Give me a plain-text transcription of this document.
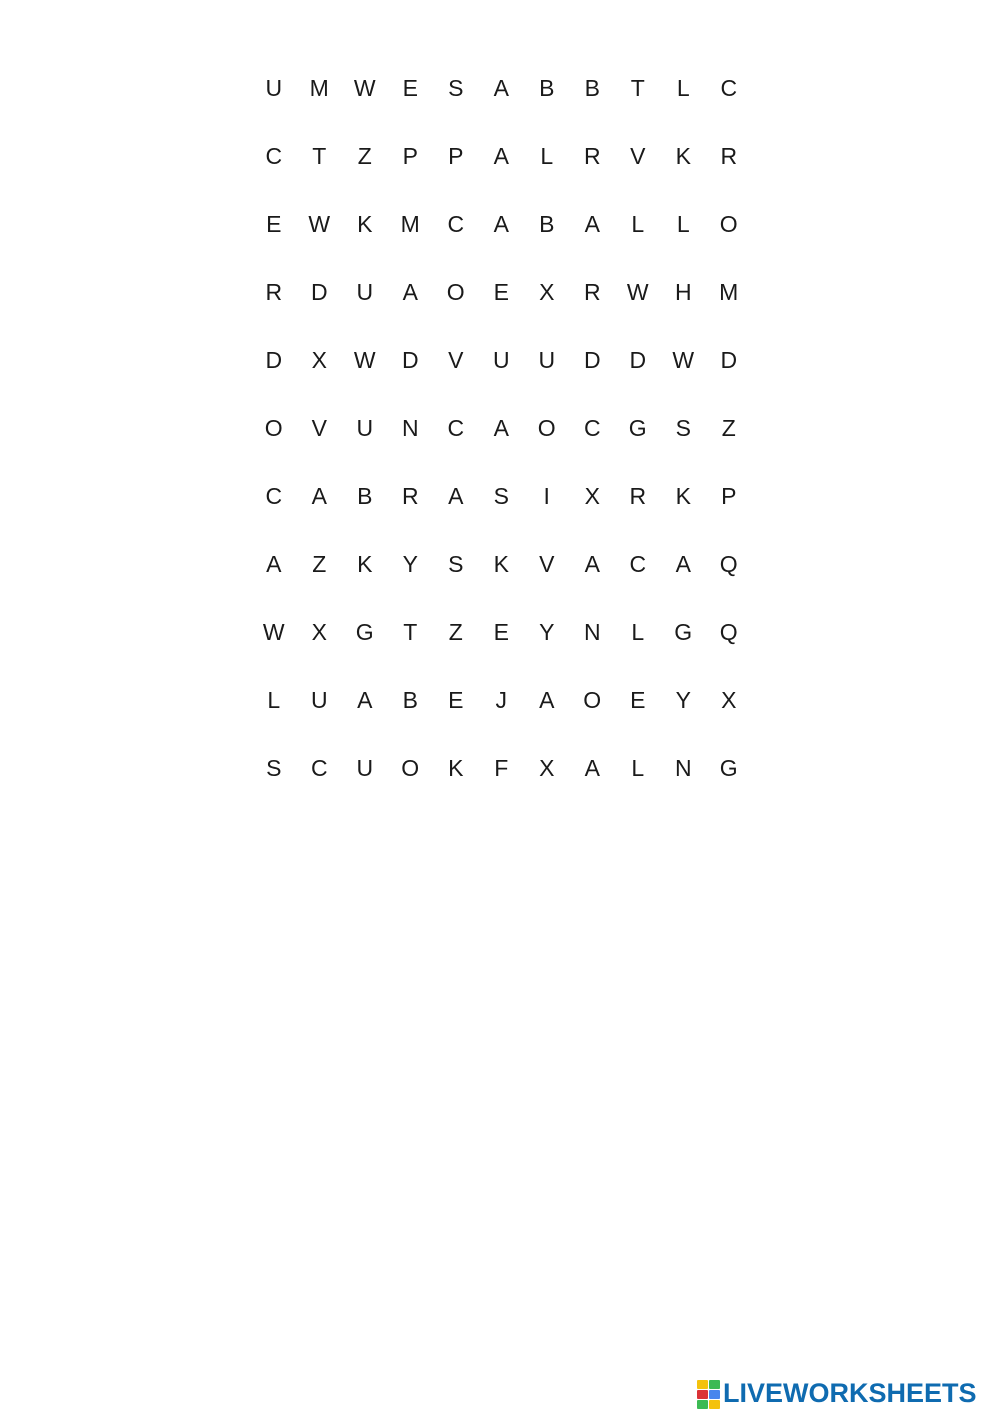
U	M	W	E	S	A	B	B	T	L	C
C	T	Z	P	P	A	L	R	V	K	R
E	W	K	M	C	A	B	A	L	L	O
R	D	U	A	O	E	X	R	W	H	M
D	X	W	D	V	U	U	D	D	W	D
O	V	U	N	C	A	O	C	G	S	Z
C	A	B	R	A	S	I	X	R	K	P
A	Z	K	Y	S	K	V	A	C	A	Q
W	X	G	T	Z	E	Y	N	L	G	Q
L	U	A	B	E	J	A	O	E	Y	X
S	C	U	O	K	F	X	A	L	N	G
LIVEWORKSHEETS
